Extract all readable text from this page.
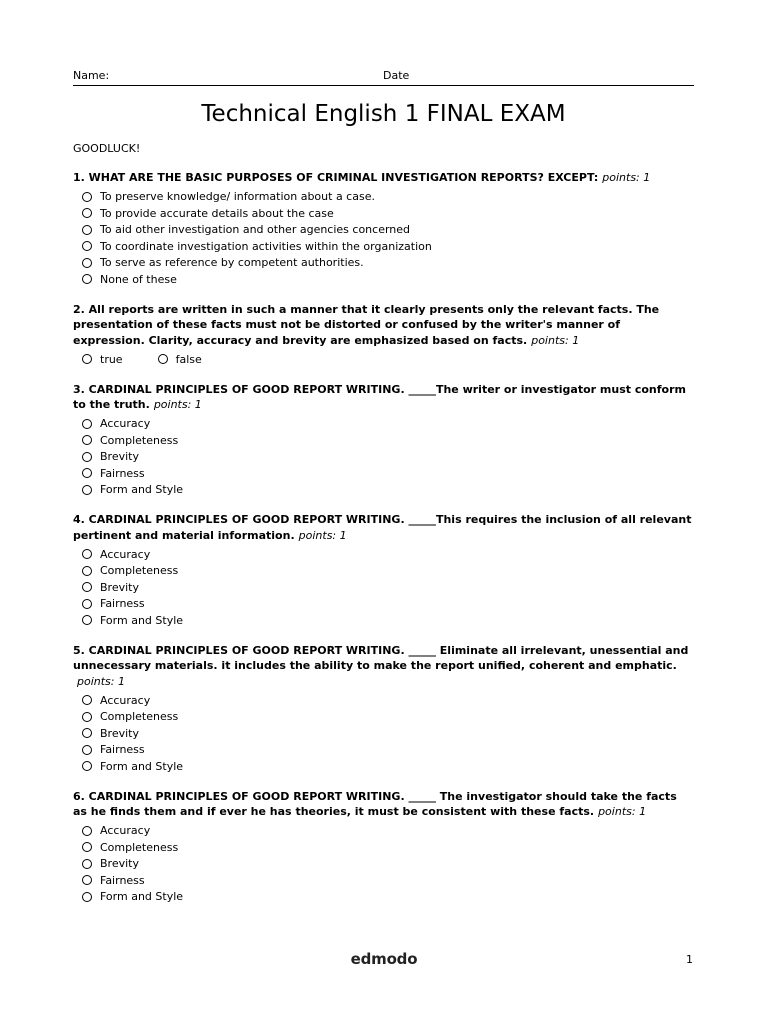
Name:	Date
Technical English 1 FINAL EXAM
GOODLUCK!
1. WHAT ARE THE BASIC PURPOSES OF CRIMINAL INVESTIGATION REPORTS? EXCEPT: points: 1
To preserve knowledge/ information about a case.
To provide accurate details about the case
To aid other investigation and other agencies concerned
To coordinate investigation activities within the organization
To serve as reference by competent authorities.
None of these
2. All reports are written in such a manner that it clearly presents only the relevant facts. The presentation of these facts must not be distorted or confused by the writer's manner of expression. Clarity, accuracy and brevity are emphasized based on facts. points: 1
true	false
3. CARDINAL PRINCIPLES OF GOOD REPORT WRITING. _____The writer or investigator must conform to the truth. points: 1
Accuracy
Completeness
Brevity
Fairness
Form and Style
4. CARDINAL PRINCIPLES OF GOOD REPORT WRITING. _____This requires the inclusion of all relevant pertinent and material information. points: 1
Accuracy
Completeness
Brevity
Fairness
Form and Style
5. CARDINAL PRINCIPLES OF GOOD REPORT WRITING. _____ Eliminate all irrelevant, unessential and unnecessary materials. it includes the ability to make the report unified, coherent and emphatic.
points: 1
Accuracy
Completeness
Brevity
Fairness
Form and Style
6. CARDINAL PRINCIPLES OF GOOD REPORT WRITING. _____ The investigator should take the facts as he finds them and if ever he has theories, it must be consistent with these facts. points: 1
Accuracy
Completeness
Brevity
Fairness
Form and Style
edmodo	1
